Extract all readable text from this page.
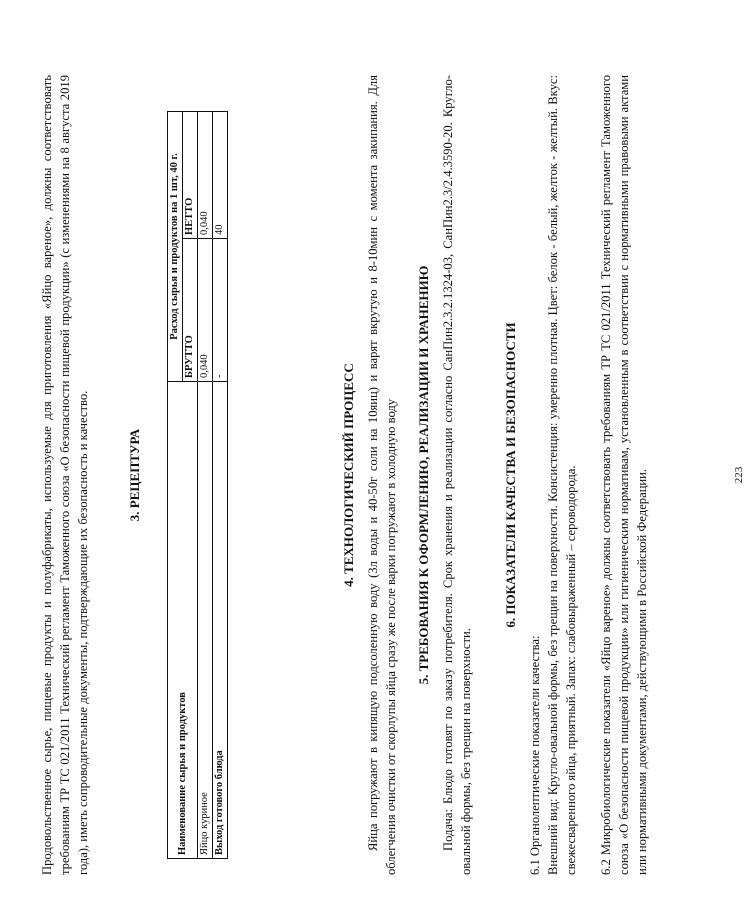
Продовольственное сырье, пищевые продукты и полуфабрикаты, используемые для приготовления «Яйцо вареное», должны соответствовать требованиям ТР ТС 021/2011 Технический регламент Таможенного союза «О безопасности пищевой продукции» (с изменениями на 8 августа 2019 года), иметь сопроводительные документы, подтверждающие их безопасность и качество.	3. РЕЦЕПТУРА
Наименование сырья и продуктов	Расход сырья и продуктов на 1 шт, 40 г.	
	БРУТТО	НЕТТО
Яйцо куриное	0,040	0,040
Выход готового блюда	-	40
4. ТЕХНОЛОГИЧЕСКИЙ ПРОЦЕСС Яйца погружают в кипящую подсоленную воду (3л воды и 40-50г соли на 10яиц) и варят вкрутую и 8-10мин с момента закипания. Для облегчения очистки от скорлупы яйца сразу же после варки погружают в холодную воду 5. ТРЕБОВАНИЯ К ОФОРМЛЕНИЮ, РЕАЛИЗАЦИИ И ХРАНЕНИЮ Подача: Блюдо готовят по заказу потребителя. Срок хранения и реализации согласно СанПин2.3.2.1324-03, СанПин2.3/2.4.3590-20. Кругло-овальной формы, без трещин на поверхности.

6. ПОКАЗАТЕЛИ КАЧЕСТВА И БЕЗОПАСНОСТИ

6.1 Органолептические показатели качества: Внешний вид: Кругло-овальной формы, без трещин на поверхности. Консистенция: умеренно плотная. Цвет: белок - белый, желток - желтый. Вкус: свежесваренного яйца, приятный. Запах: слабовыраженный – сероводорода. 6.2 Микробиологические показатели «Яйцо вареное» должны соответствовать требованиям ТР ТС 021/2011 Технический регламент Таможенного союза «О безопасности пищевой продукции» или гигиеническим нормативам, установленным в соответствии с нормативными правовыми актами или нормативными документами, действующими в Российской Федерации.	223
